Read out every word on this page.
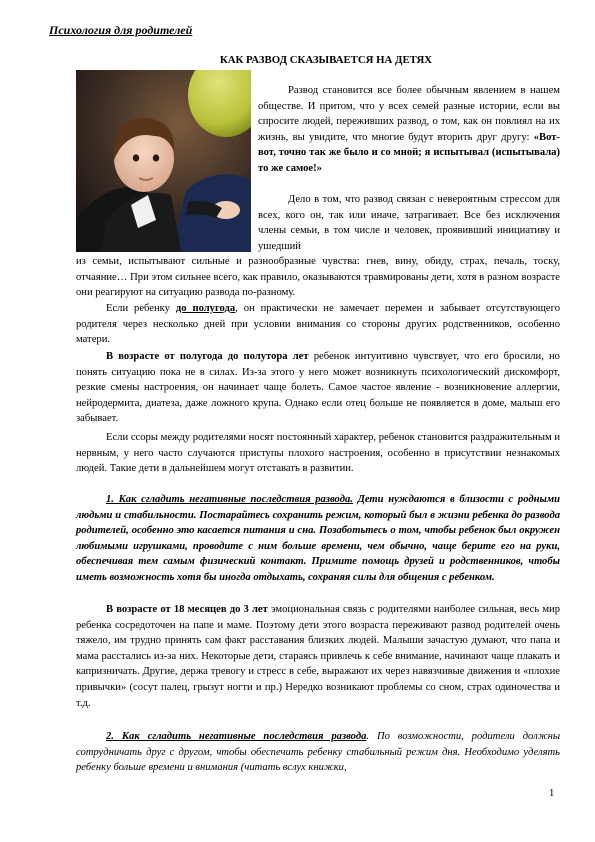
Психология для родителей
КАК РАЗВОД СКАЗЫВАЕТСЯ НА ДЕТЯХ

Развод становится все более обычным явлением в нашем обществе. И притом, что у всех семей разные истории, если вы спросите людей, переживших развод, о том, как он повлиял на их жизнь, вы увидите, что многие будут вторить друг другу: «Вот-вот, точно так же было и со мной; я испытывал (испытывала) то же самое!»

Дело в том, что развод связан с невероятным стрессом для всех, кого он, так или иначе, затрагивает. Все без исключения члены семьи, в том числе и человек, проявивший инициативу и ушедший

из семьи, испытывают сильные и разнообразные чувства: гнев, вину, обиду, страх, печаль, тоску, отчаяние… При этом сильнее всего, как правило, оказываются травмированы дети, хотя в разном возрасте они реагируют на ситуацию развода по-разному.

Если ребенку до полугода, он практически не замечает перемен и забывает отсутствующего родителя через несколько дней при условии внимания со стороны других родственников, особенно матери.

В возрасте от полугода до полутора лет ребенок интуитивно чувствует, что его бросили, но понять ситуацию пока не в силах. Из-за этого у него может возникнуть психологический дискомфорт, резкие смены настроения, он начинает чаще болеть. Самое частое явление - возникновение аллергии, нейродермита, диатеза, даже ложного крупа. Однако если отец больше не появляется в доме, малыш его забывает.

Если ссоры между родителями носят постоянный характер, ребенок становится раздражительным и нервным, у него часто случаются приступы плохого настроения, особенно в присутствии незнакомых людей. Такие дети в дальнейшем могут отставать в развитии.

1. Как сгладить негативные последствия развода. Дети нуждаются в близости с родными людьми и стабильности. Постарайтесь сохранить режим, который был в жизни ребенка до развода родителей, особенно это касается питания и сна. Позаботьтесь о том, чтобы ребенок был окружен любимыми игрушками, проводите с ним больше времени, чем обычно, чаще берите его на руки, обеспечивая тем самым физический контакт. Примите помощь друзей и родственников, чтобы иметь возможность хотя бы иногда отдыхать, сохраняя силы для общения с ребенком.

В возрасте от 18 месяцев до 3 лет эмоциональная связь с родителями наиболее сильная, весь мир ребенка сосредоточен на папе и маме. Поэтому дети этого возраста переживают развод родителей очень тяжело, им трудно принять сам факт расставания близких людей. Малыши зачастую думают, что папа и мама расстались из-за них. Некоторые дети, стараясь привлечь к себе внимание, начинают чаще плакать и капризничать. Другие, держа тревогу и стресс в себе, выражают их через навязчивые движения и «плохие привычки» (сосут палец, грызут ногти и пр.) Нередко возникают проблемы со сном, страх одиночества и т.д.

2. Как сгладить негативные последствия развода. По возможности, родители должны сотрудничать друг с другом, чтобы обеспечить ребенку стабильный режим дня. Необходимо уделять ребенку больше времени и внимания (читать вслух книжки,

1
